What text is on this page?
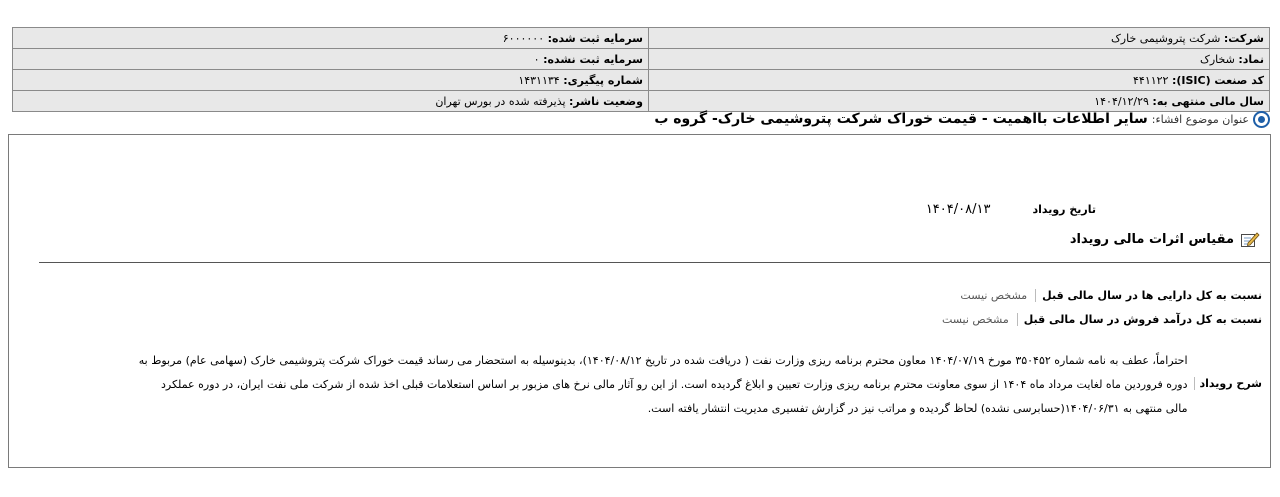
شرکت: شرکت پتروشیمی خارک	سرمایه ثبت شده: ۶۰۰۰۰۰۰
نماد: شخارک	سرمایه ثبت نشده: ۰
کد صنعت (ISIC): ۴۴۱۱۲۲	شماره پیگیری: ۱۴۳۱۱۳۴
سال مالی منتهی به: ۱۴۰۴/۱۲/۲۹	وضعیت ناشر: پذیرفته شده در بورس تهران
عنوان موضوع افشاء:
سایر اطلاعات بااهمیت - قیمت خوراک شرکت پتروشیمی خارک- گروه ب
تاریخ رویداد
۱۴۰۴/۰۸/۱۳
مقیاس اثرات مالی رویداد
نسبت به کل دارایی ها در سال مالی قبل
مشخص نیست
نسبت به کل درآمد فروش در سال مالی قبل
مشخص نیست
شرح رویداد
احتراماً، عطف به نامه شماره ۳۵۰۴۵۲ مورخ ۱۴۰۴/۰۷/۱۹ معاون محترم برنامه ریزی وزارت نفت ( دریافت شده در تاریخ ۱۴۰۴/۰۸/۱۲)، بدینوسیله به استحضار می رساند قیمت خوراک شرکت پتروشیمی خارک (سهامی عام) مربوط به دوره فروردین ماه لغایت مرداد ماه ۱۴۰۴ از سوی معاونت محترم برنامه ریزی وزارت تعیین و ابلاغ گردیده است. از این رو آثار مالی نرخ های مزبور بر اساس استعلامات قبلی اخذ شده از شرکت ملی نفت ایران، در دوره عملکرد مالی منتهی به ۱۴۰۴/۰۶/۳۱(حسابرسی نشده) لحاظ گردیده و مراتب نیز در گزارش تفسیری مدیریت انتشار یافته است.
